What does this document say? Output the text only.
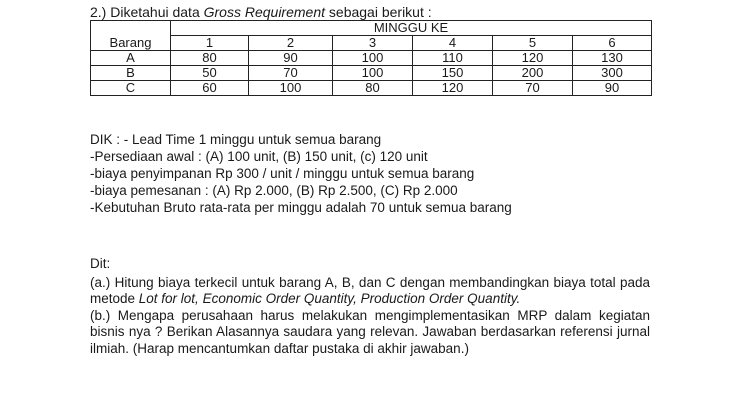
2.) Diketahui data Gross Requirement sebagai berikut :
	MINGGU KE					
Barang	1	2	3	4	5	6
A	80	90	100	110	120	130
B	50	70	100	150	200	300
C	60	100	80	120	70	90
DIK : - Lead Time 1 minggu untuk semua barang
-Persediaan awal : (A) 100 unit, (B) 150 unit, (c) 120 unit
-biaya penyimpanan Rp 300 / unit / minggu untuk semua barang
-biaya pemesanan : (A) Rp 2.000, (B) Rp 2.500, (C) Rp 2.000
-Kebutuhan Bruto rata-rata per minggu adalah 70 untuk semua barang
Dit:

(a.) Hitung biaya terkecil untuk barang A, B, dan C dengan membandingkan biaya total pada metode Lot for lot, Economic Order Quantity, Production Order Quantity.

(b.) Mengapa perusahaan harus melakukan mengimplementasikan MRP dalam kegiatan bisnis nya ? Berikan Alasannya saudara yang relevan. Jawaban berdasarkan referensi jurnal ilmiah. (Harap mencantumkan daftar pustaka di akhir jawaban.)
